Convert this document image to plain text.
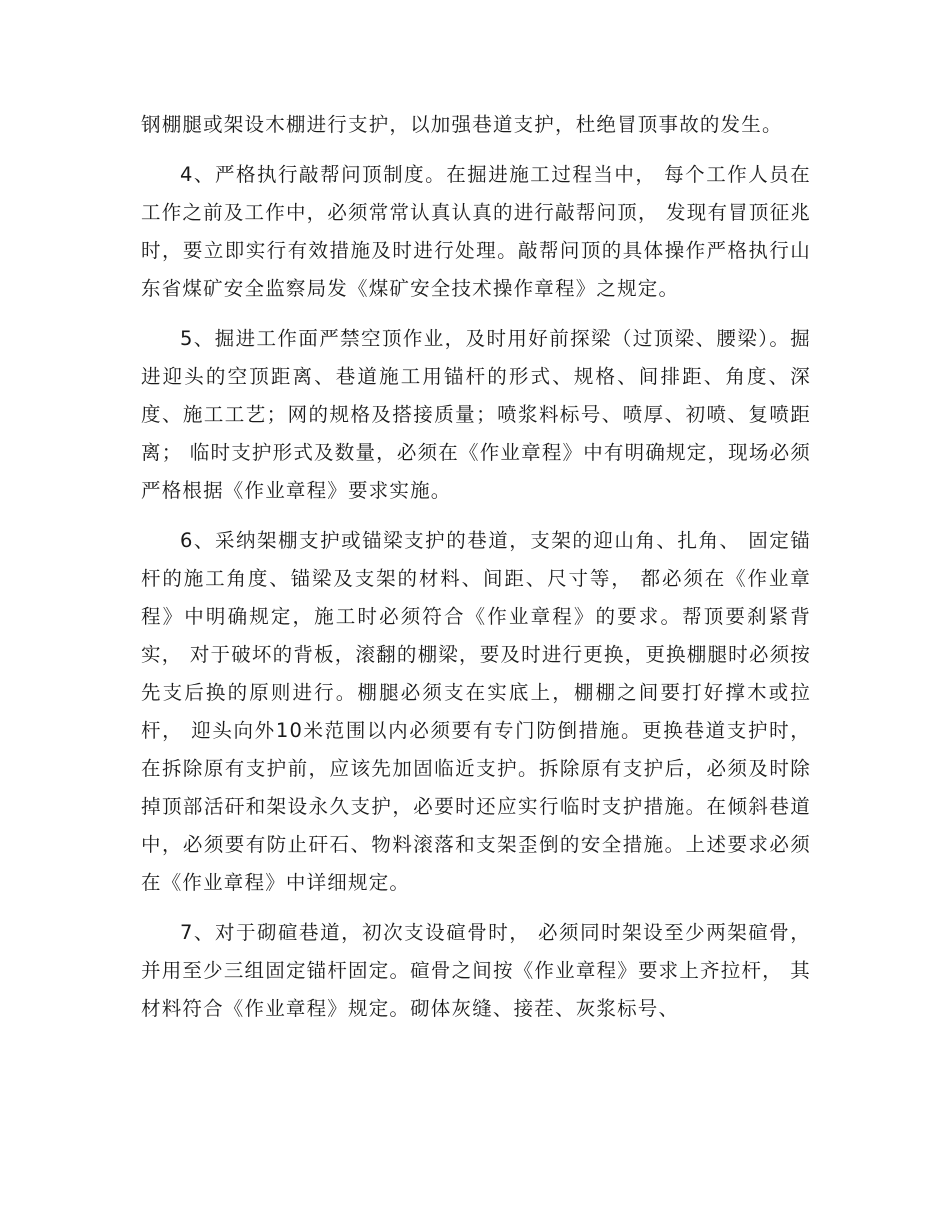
钢棚腿或架设木棚进行支护，以加强巷道支护，杜绝冒顶事故的发生。

4、严格执行敲帮问顶制度。在掘进施工过程当中， 每个工作人员在工作之前及工作中，必须常常认真认真的进行敲帮问顶， 发现有冒顶征兆时，要立即实行有效措施及时进行处理。敲帮问顶的具体操作严格执行山东省煤矿安全监察局发《煤矿安全技术操作章程》之规定。

5、掘进工作面严禁空顶作业，及时用好前探梁（过顶梁、腰梁）。掘进迎头的空顶距离、巷道施工用锚杆的形式、规格、间排距、角度、深度、施工工艺；网的规格及搭接质量；喷浆料标号、喷厚、初喷、复喷距离； 临时支护形式及数量，必须在《作业章程》中有明确规定，现场必须严格根据《作业章程》要求实施。

6、采纳架棚支护或锚梁支护的巷道，支架的迎山角、扎角、 固定锚杆的施工角度、锚梁及支架的材料、间距、尺寸等， 都必须在《作业章程》中明确规定，施工时必须符合《作业章程》的要求。帮顶要刹紧背实， 对于破坏的背板，滚翻的棚梁，要及时进行更换，更换棚腿时必须按先支后换的原则进行。棚腿必须支在实底上，棚棚之间要打好撑木或拉杆， 迎头向外10米范围以内必须要有专门防倒措施。更换巷道支护时，在拆除原有支护前，应该先加固临近支护。拆除原有支护后，必须及时除掉顶部活矸和架设永久支护，必要时还应实行临时支护措施。在倾斜巷道中，必须要有防止矸石、物料滚落和支架歪倒的安全措施。上述要求必须在《作业章程》中详细规定。

7、对于砌碹巷道，初次支设碹骨时， 必须同时架设至少两架碹骨，并用至少三组固定锚杆固定。碹骨之间按《作业章程》要求上齐拉杆， 其材料符合《作业章程》规定。砌体灰缝、接茬、灰浆标号、
